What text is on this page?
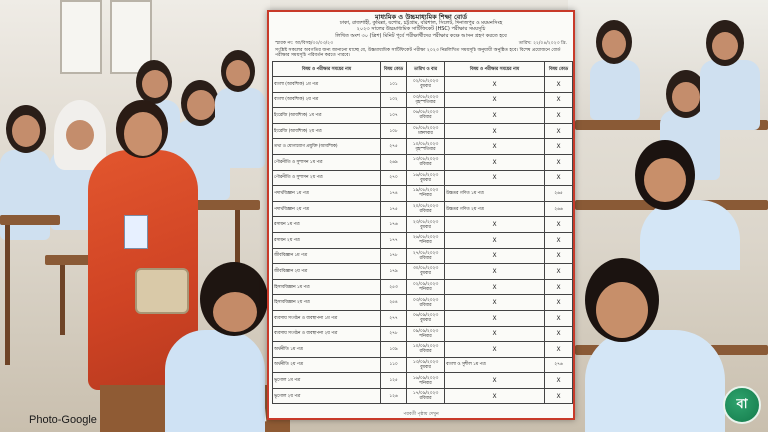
মাধ্যমিক ও উচ্চমাধ্যমিক শিক্ষা বোর্ড
ঢাকা, রাজশাহী, কুমিল্লা, যশোর, চট্টগ্রাম, বরিশাল, সিলেট, দিনাজপুর ও ময়মনসিংহ
২০২৩ সালের উচ্চমাধ্যমিক সার্টিফিকেট (HSC) পরীক্ষার সময়সূচি
লিখিত অংশ ৩০ (ত্রিশ) মিনিট পূর্বে পরীক্ষার্থীদের পরীক্ষার কক্ষে আসন গ্রহণ করতে হবে
স্মারক নং: আ/বিসহ/৩০/০৩/২৩	তারিখ: ২২/০৪/২০২৩ খ্রি.
সংশ্লিষ্ট সকলের অবগতির জন্য জানানো যাচ্ছে যে, উচ্চমাধ্যমিক সার্টিফিকেট পরীক্ষা ২০২৩ নিম্নলিখিত সময়সূচি অনুযায়ী অনুষ্ঠিত হবে। বিশেষ প্রয়োজনে বোর্ড পরীক্ষার সময়সূচি পরিবর্তন করতে পারবে।
বিষয় ও পরীক্ষার সময়ের নাম	বিষয় কোড	তারিখ ও বার	বিষয় ও পরীক্ষার সময়ের নাম	বিষয় কোড
বাংলা (আবশ্যিক) ১ম পত্র	১০১	০২/০৮/২০২৩ বুধবার	X	X
বাংলা (আবশ্যিক) ২য় পত্র	১০২	০৩/০৮/২০২৩ বৃহস্পতিবার	X	X
ইংরেজি (আবশ্যিক) ১ম পত্র	১০৭	০৬/০৮/২০২৩ রবিবার	X	X
ইংরেজি (আবশ্যিক) ২য় পত্র	১০৮	০৮/০৮/২০২৩ মঙ্গলবার	X	X
তথ্য ও যোগাযোগ প্রযুক্তি (আবশ্যিক)	২৭৫	১০/০৮/২০২৩ বৃহস্পতিবার	X	X
পৌরনীতি ও সুশাসন ১ম পত্র	২৬৯	১৩/০৮/২০২৩ রবিবার	X	X
পৌরনীতি ও সুশাসন ২য় পত্র	২৭০	১৬/০৮/২০২৩ বুধবার	X	X
পদার্থবিজ্ঞান ১ম পত্র	১৭৪	১৯/০৮/২০২৩ শনিবার	উচ্চতর গণিত ১ম পত্র	২৬৫
পদার্থবিজ্ঞান ২য় পত্র	১৭৫	২০/০৮/২০২৩ রবিবার	উচ্চতর গণিত ২য় পত্র	২৬৬
রসায়ন ১ম পত্র	১৭৬	২৩/০৮/২০২৩ বুধবার	X	X
রসায়ন ২য় পত্র	১৭৭	২৬/০৮/২০২৩ শনিবার	X	X
জীববিজ্ঞান ১ম পত্র	১৭৮	২৭/০৮/২০২৩ রবিবার	X	X
জীববিজ্ঞান ২য় পত্র	১৭৯	৩০/০৮/২০২৩ বুধবার	X	X
হিসাববিজ্ঞান ১ম পত্র	২৫৩	০২/০৯/২০২৩ শনিবার	X	X
হিসাববিজ্ঞান ২য় পত্র	২৫৪	০৩/০৯/২০২৩ রবিবার	X	X
ব্যবসায় সংগঠন ও ব্যবস্থাপনা ১ম পত্র	২৭৭	০৬/০৯/২০২৩ বুধবার	X	X
ব্যবসায় সংগঠন ও ব্যবস্থাপনা ২য় পত্র	২৭৮	০৯/০৯/২০২৩ শনিবার	X	X
অর্থনীতি ১ম পত্র	১০৯	১০/০৯/২০২৩ রবিবার	X	X
অর্থনীতি ২য় পত্র	১১০	১৩/০৯/২০২৩ বুধবার	বাংলা ও সুশীল ১ম পত্র	২৭৬
ভূগোল ১ম পত্র	১২৫	১৬/০৯/২০২৩ শনিবার	X	X
ভূগোল ২য় পত্র	১২৬	১৭/০৯/২০২৩ রবিবার	X	X
পরবর্তী পৃষ্ঠায় দেখুন
Photo-Google
বা
